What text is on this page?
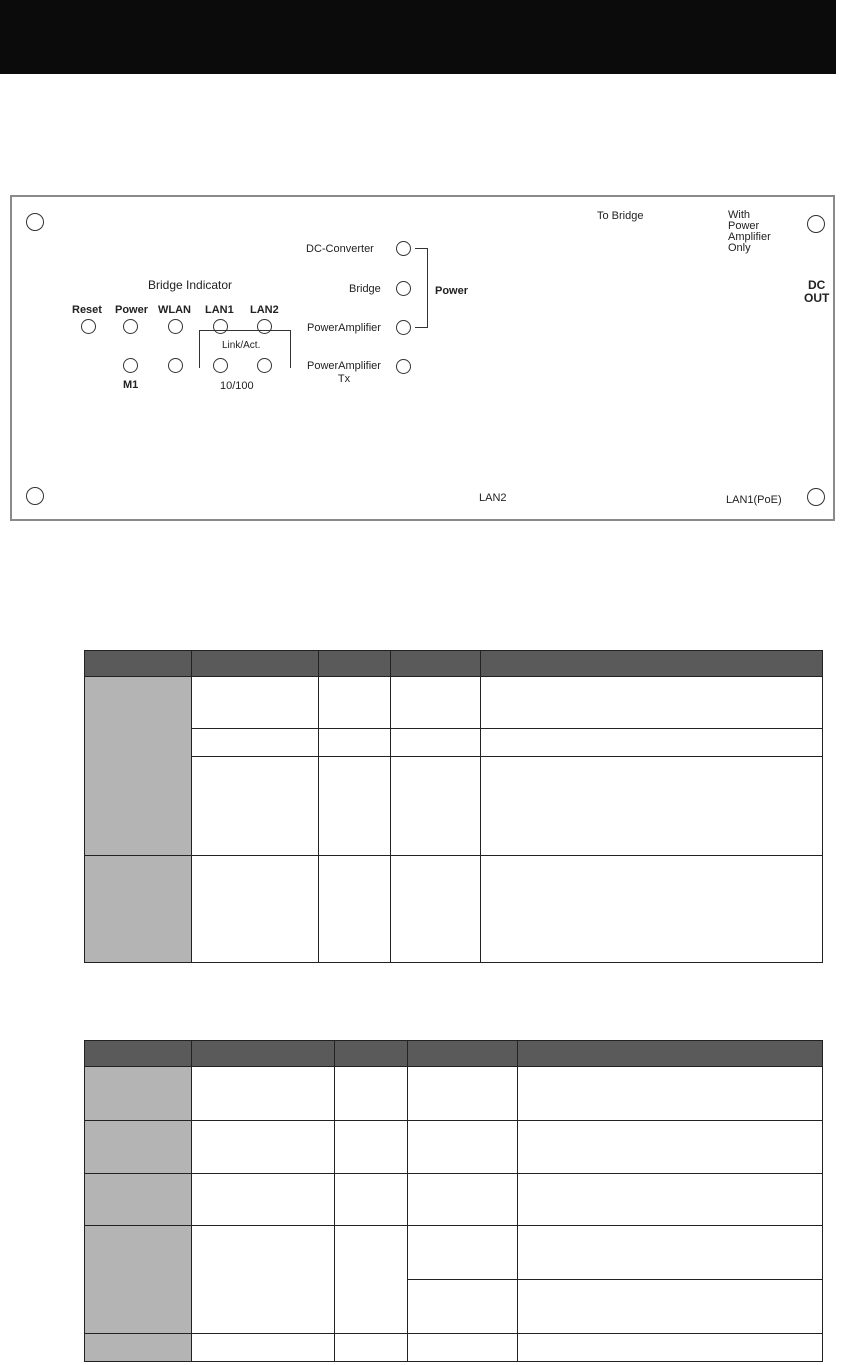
Bridge Indicator
Reset Power WLAN LAN1 LAN2
M1
Link/Act.
10/100
DC-Converter
Bridge
PowerAmplifier
PowerAmplifier
Tx
Power
To Bridge	With
Power
Amplifier
Only
DC
OUT
LAN2	LAN1(PoE)
